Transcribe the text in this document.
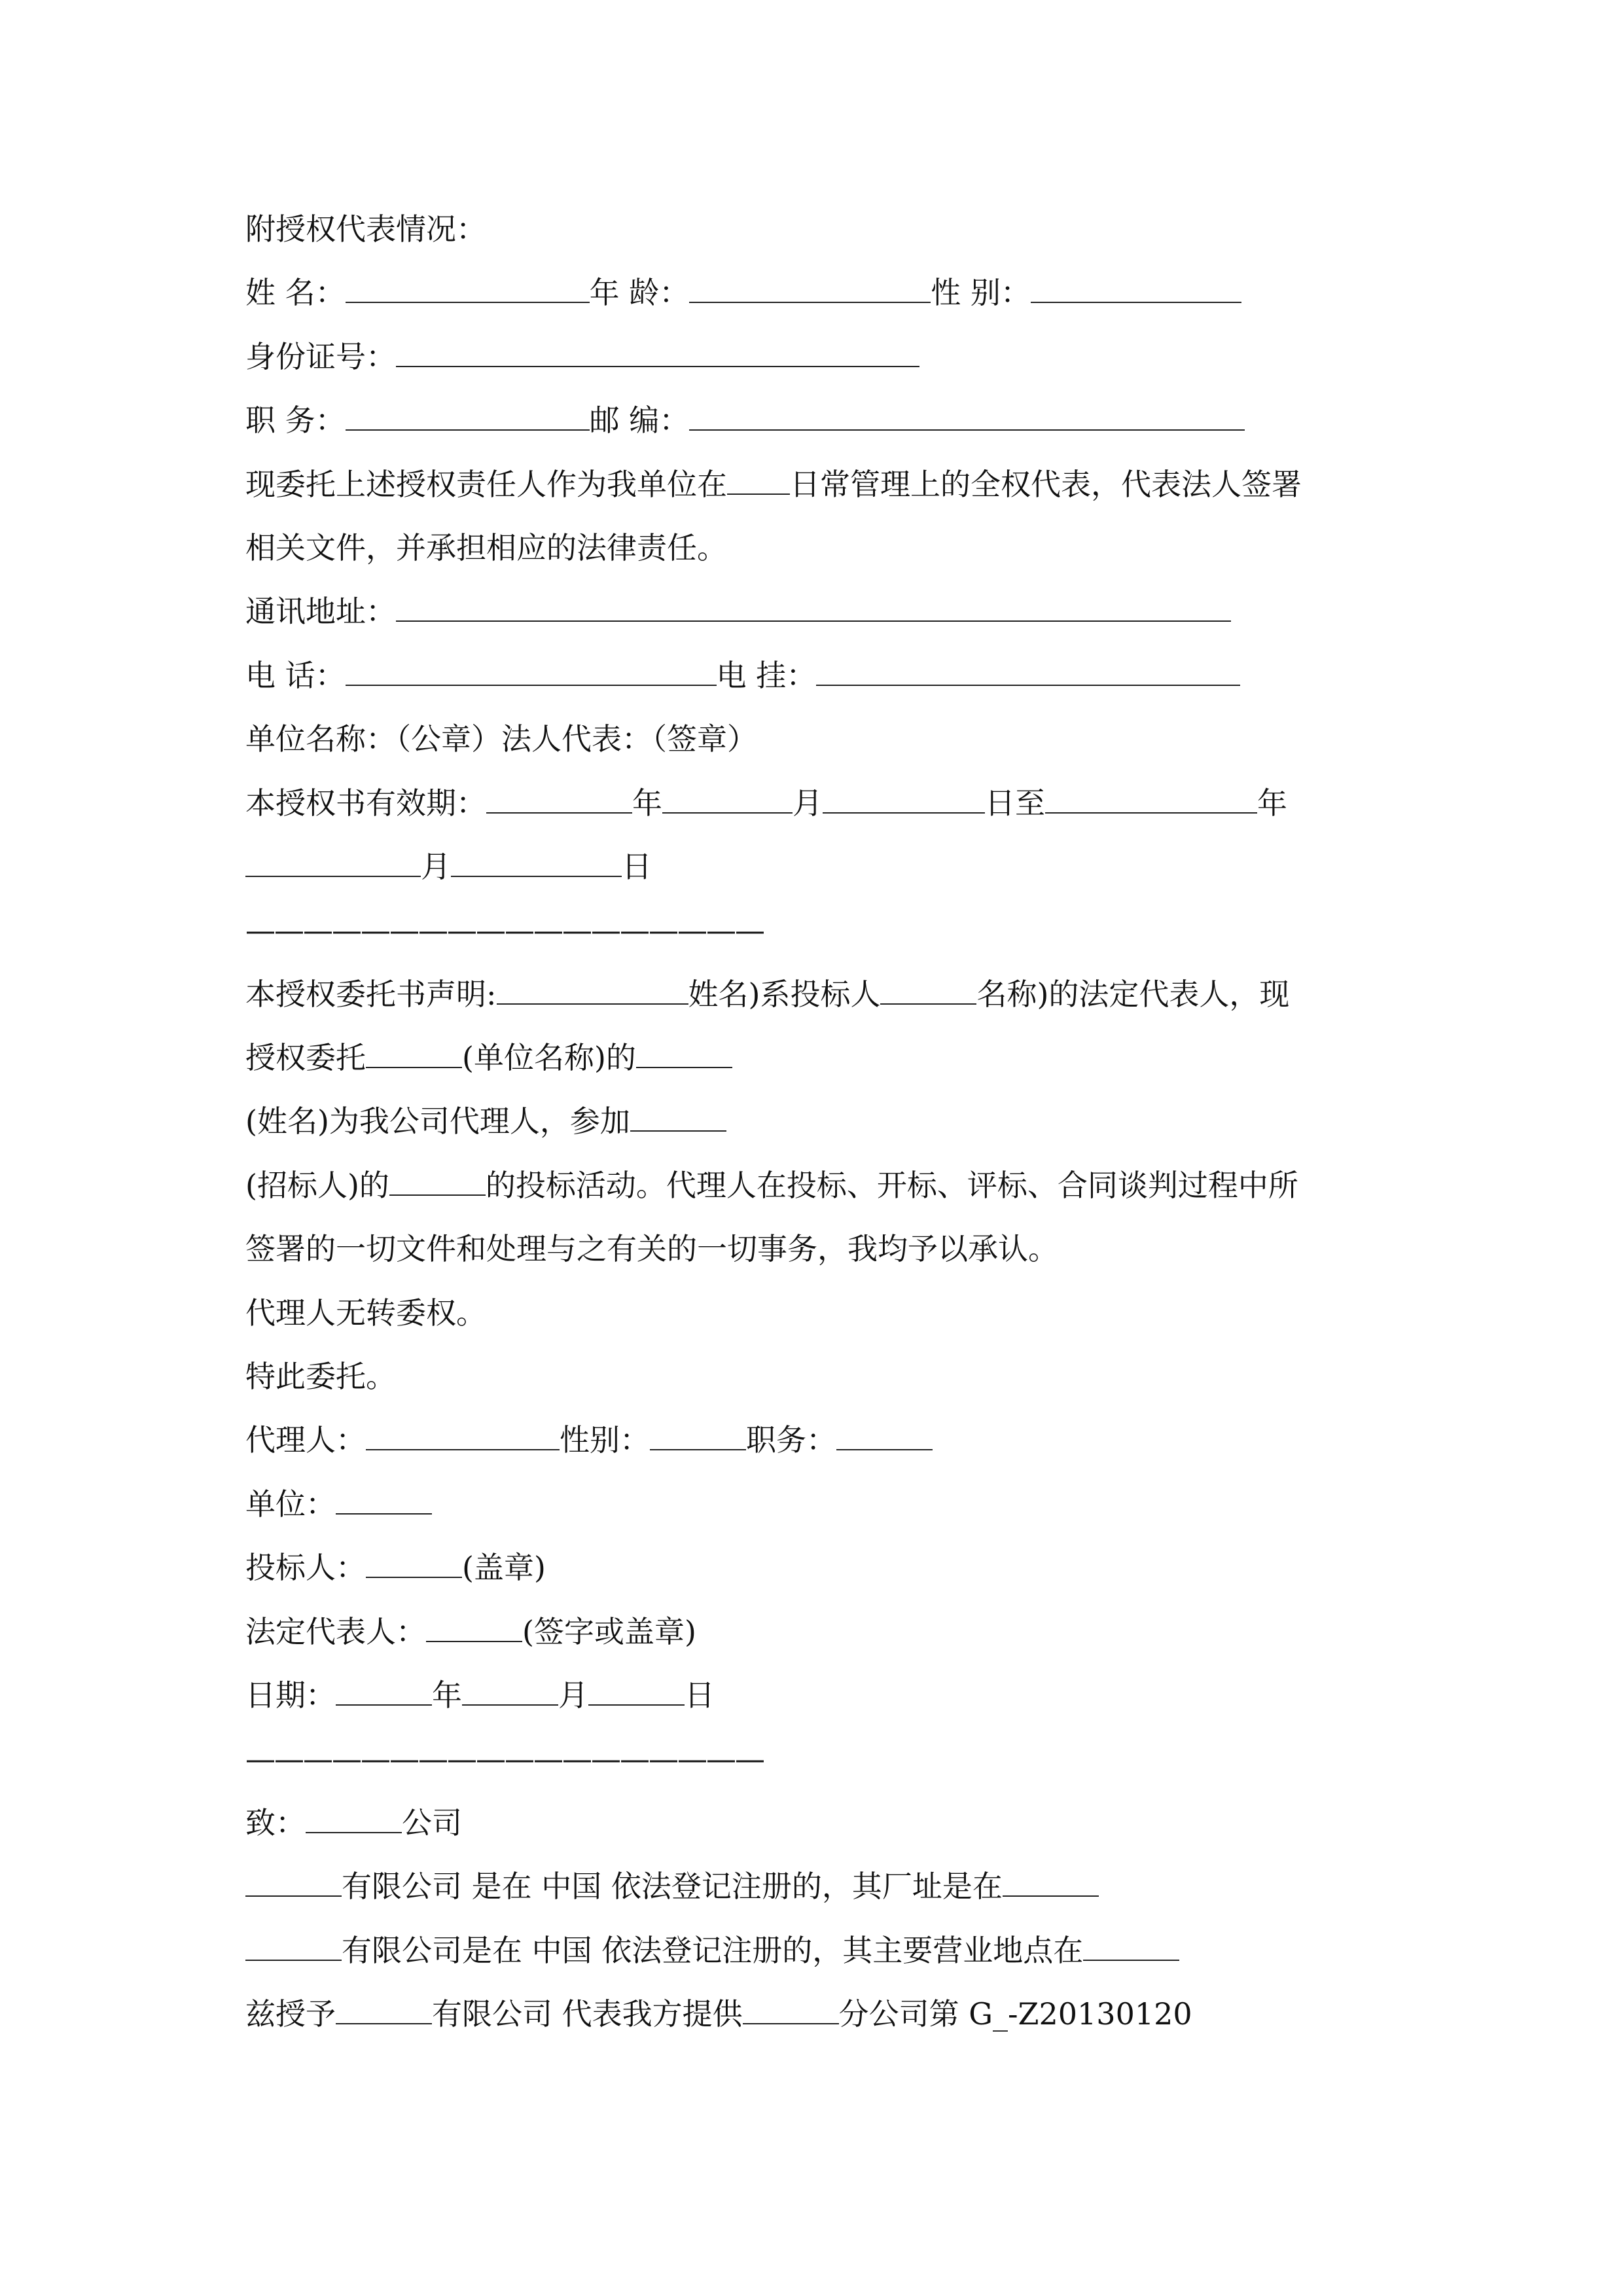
附授权代表情况：
姓 名：	年 龄：	性 别：
身份证号：
职 务：	邮 编：
现委托上述授权责任人作为我单位在 日常管理上的全权代表，代表法人签署
相关文件，并承担相应的法律责任。
通讯地址：
电 话：	电 挂：
单位名称：（公章）法人代表：（签章）
本授权书有效期：	年	月	日至	年
月	日
——————————————————
本授权委托书声明:	姓名)系投标人	名称)的法定代表人，现
授权委托	(单位名称)的
(姓名)为我公司代理人，参加
(招标人)的	的投标活动。代理人在投标、开标、评标、合同谈判过程中所
签署的一切文件和处理与之有关的一切事务，我均予以承认。
代理人无转委权。
特此委托。
代理人：	性别：	职务：
单位：
投标人：	(盖章)
法定代表人：	(签字或盖章)
日期：	年	月	日
——————————————————
致：	公司
有限公司 是在 中国 依法登记注册的，其厂址是在
有限公司是在 中国 依法登记注册的，其主要营业地点在
兹授予	有限公司 代表我方提供	分公司第 G_-Z20130120
